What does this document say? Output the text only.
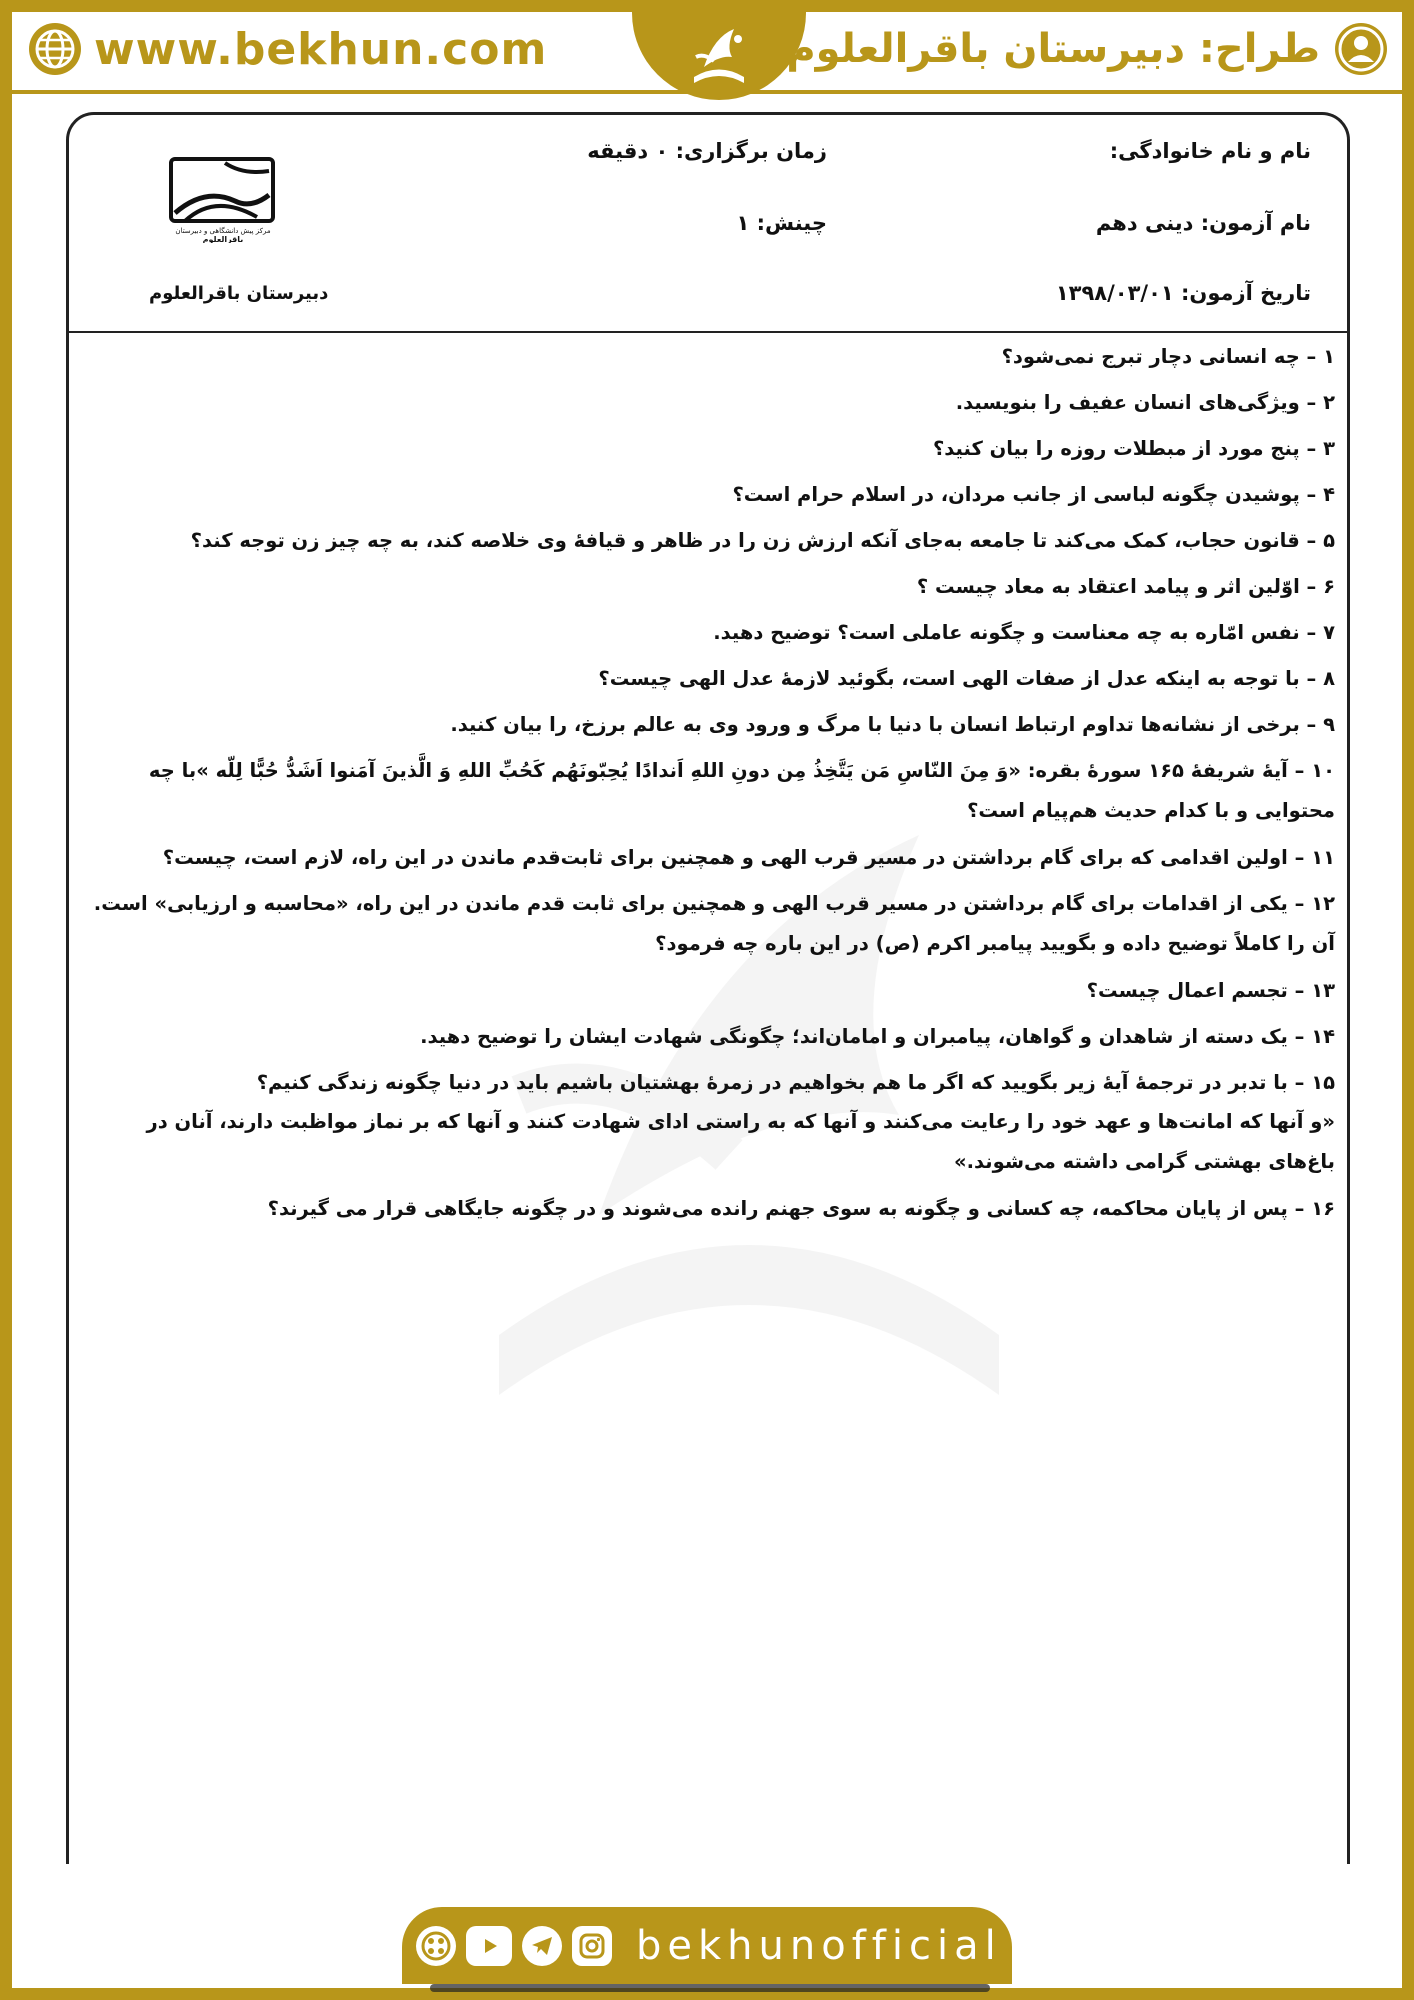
www.bekhun.com	طراح: دبیرستان باقرالعلوم
نام و نام خانوادگی:
نام آزمون: دینی دهم
تاریخ آزمون: ۱۳۹۸/۰۳/۰۱
زمان برگزاری: ۰ دقیقه
چینش: ۱
مرکز پیش دانشگاهی و دبیرستان
باقرالعلوم
دبیرستان باقرالعلوم

۱ – چه انسانی دچار تبرج نمی‌شود؟

۲ – ویژگی‌های انسان عفیف را بنویسید.

۳ – پنج مورد از مبطلات روزه را بیان کنید؟

۴ – پوشیدن چگونه لباسی از جانب مردان، در اسلام حرام است؟

۵ – قانون حجاب، کمک می‌کند تا جامعه به‌جای آنکه ارزش زن را در ظاهر و قیافۀ وی خلاصه کند، به چه چیز زن توجه کند؟

۶ – اوّلین اثر و پیامد اعتقاد به معاد چیست ؟

۷ – نفس امّاره به چه معناست و چگونه عاملی است؟ توضیح دهید.

۸ – با توجه به اینکه عدل از صفات الهی است، بگوئید لازمۀ عدل الهی چیست؟

۹ – برخی از نشانه‌ها تداوم ارتباط انسان با دنیا با مرگ و ورود وی به عالم برزخ، را بیان کنید.

۱۰ – آیۀ شریفۀ ۱۶۵ سورۀ بقره: «وَ مِنَ النّاسِ مَن یَتَّخِذُ مِن دونِ اللهِ اَندادًا یُحِبّونَهُم کَحُبِّ اللهِ وَ الَّذینَ آمَنوا اَشَدُّ حُبًّا لِلّه »با چه محتوایی و با کدام حدیث هم‌پیام است؟

۱۱ – اولین اقدامی که برای گام برداشتن در مسیر قرب الهی و همچنین برای ثابت‌قدم ماندن در این راه، لازم است، چیست؟

۱۲ – یکی از اقدامات برای گام برداشتن در مسیر قرب الهی و همچنین برای ثابت قدم ماندن در این راه، «محاسبه و ارزیابی» است. آن را کاملاً توضیح داده و بگویید پیامبر اکرم (ص) در این باره چه فرمود؟

۱۳ – تجسم اعمال چیست؟

۱۴ – یک دسته از شاهدان و گواهان، پیامبران و امامان‌اند؛ چگونگی شهادت ایشان را توضیح دهید.

۱۵ – با تدبر در ترجمۀ آیۀ زیر بگویید که اگر ما هم بخواهیم در زمرۀ بهشتیان باشیم باید در دنیا چگونه زندگی کنیم؟

«و آنها که امانت‌ها و عهد خود را رعایت می‌کنند و آنها که به راستی ادای شهادت کنند و آنها که بر نماز مواظبت دارند، آنان در باغ‌های بهشتی گرامی داشته می‌شوند.»

۱۶ – پس از پایان محاکمه، چه کسانی و چگونه به سوی جهنم رانده می‌شوند و در چگونه جایگاهی قرار می گیرند؟

bekhunofficial
